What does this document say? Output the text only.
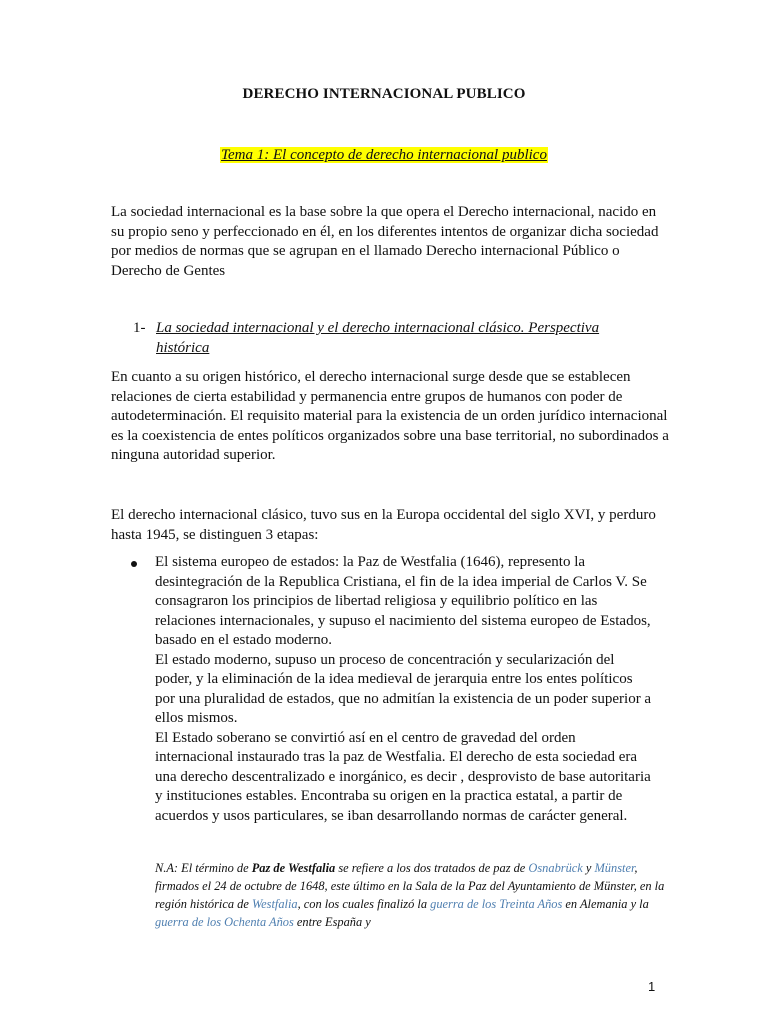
DERECHO INTERNACIONAL PUBLICO
Tema 1: El concepto de derecho internacional publico

La sociedad internacional es la base sobre la que opera el Derecho internacional, nacido en su propio seno y perfeccionado en él, en los diferentes intentos de organizar dicha sociedad por medios de normas que se agrupan en el llamado Derecho internacional Público o Derecho de Gentes

1- La sociedad internacional y el derecho internacional clásico. Perspectiva histórica

En cuanto a su origen histórico, el derecho internacional surge desde que se establecen relaciones de cierta estabilidad y permanencia entre grupos de humanos con poder de autodeterminación. El requisito material para la existencia de un orden jurídico internacional es la coexistencia de entes políticos organizados sobre una base territorial, no subordinados a ninguna autoridad superior.

El derecho internacional clásico, tuvo sus en la Europa occidental del siglo XVI, y perduro hasta 1945, se distinguen 3 etapas:

El sistema europeo de estados: la Paz de Westfalia (1646), represento la desintegración de la Republica Cristiana, el fin de la idea imperial de Carlos V. Se consagraron los principios de libertad religiosa y equilibrio político en las relaciones internacionales, y supuso el nacimiento del sistema europeo de Estados, basado en el estado moderno.

El estado moderno, supuso un proceso de concentración y secularización del poder, y la eliminación de la idea medieval de jerarquia entre los entes políticos por una pluralidad de estados, que no admitían la existencia de un poder superior a ellos mismos.

El Estado soberano se convirtió así en el centro de gravedad del orden internacional instaurado tras la paz de Westfalia. El derecho de esta sociedad era una derecho descentralizado e inorgánico, es decir , desprovisto de base autoritaria y instituciones estables. Encontraba su origen en la practica estatal, a partir de acuerdos y usos particulares, se iban desarrollando normas de carácter general.

N.A: El término de Paz de Westfalia se refiere a los dos tratados de paz de Osnabrück y Münster, firmados el 24 de octubre de 1648, este último en la Sala de la Paz del Ayuntamiento de Münster, en la región histórica de Westfalia, con los cuales finalizó la guerra de los Treinta Años en Alemania y la guerra de los Ochenta Años entre España y

1
